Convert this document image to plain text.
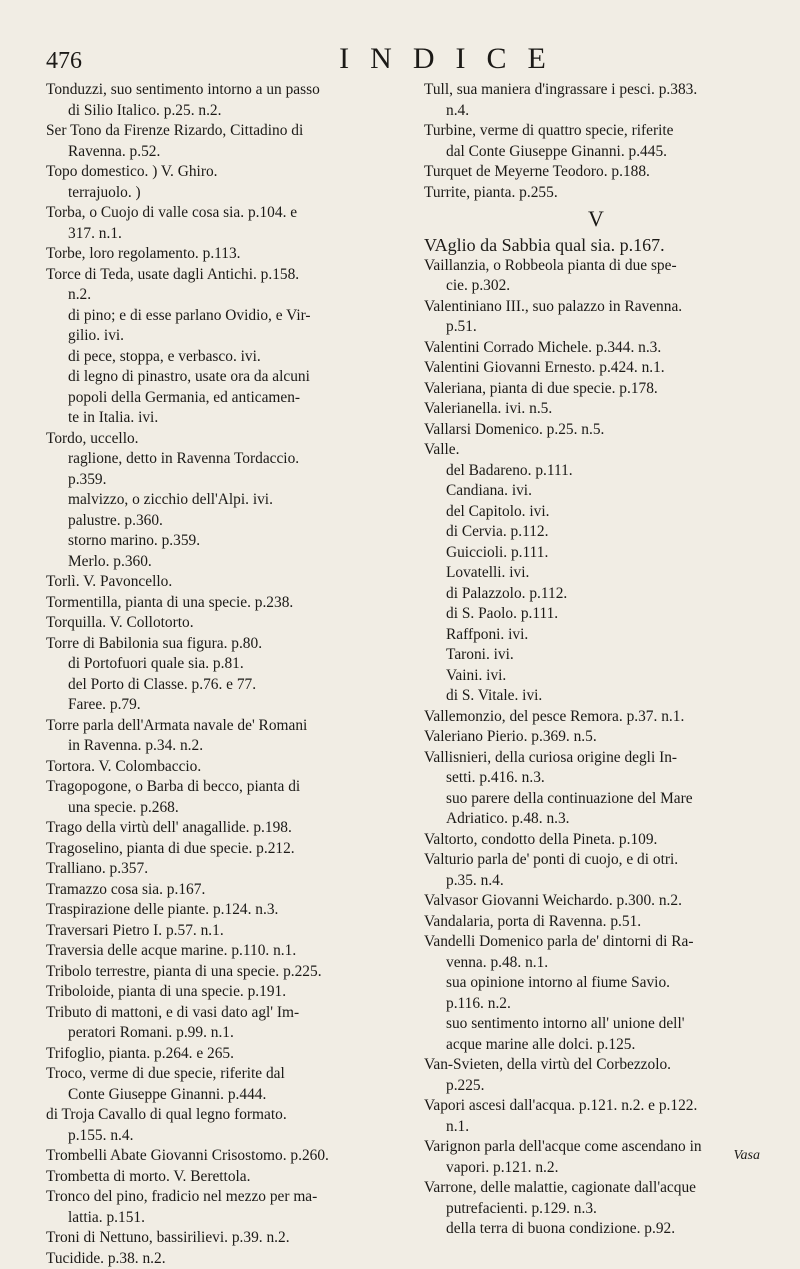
476	INDICE
Tonduzzi, suo sentimento intorno a un passo
di Silio Italico. p.25. n.2.
Ser Tono da Firenze Rizardo, Cittadino di
Ravenna. p.52.
Topo domestico. ) V. Ghiro.
terrajuolo. )
Torba, o Cuojo di valle cosa sia. p.104. e
317. n.1.
Torbe, loro regolamento. p.113.
Torce di Teda, usate dagli Antichi. p.158.
n.2.
di pino; e di esse parlano Ovidio, e Vir-
gilio. ivi.
di pece, stoppa, e verbasco. ivi.
di legno di pinastro, usate ora da alcuni
popoli della Germania, ed anticamen-
te in Italia. ivi.
Tordo, uccello.
raglione, detto in Ravenna Tordaccio.
p.359.
malvizzo, o zicchio dell'Alpi. ivi.
palustre. p.360.
storno marino. p.359.
Merlo. p.360.
Torlì. V. Pavoncello.
Tormentilla, pianta di una specie. p.238.
Torquilla. V. Collotorto.
Torre di Babilonia sua figura. p.80.
di Portofuori quale sia. p.81.
del Porto di Classe. p.76. e 77.
Faree. p.79.
Torre parla dell'Armata navale de' Romani
in Ravenna. p.34. n.2.
Tortora. V. Colombaccio.
Tragopogone, o Barba di becco, pianta di
una specie. p.268.
Trago della virtù dell' anagallide. p.198.
Tragoselino, pianta di due specie. p.212.
Tralliano. p.357.
Tramazzo cosa sia. p.167.
Traspirazione delle piante. p.124. n.3.
Traversari Pietro I. p.57. n.1.
Traversia delle acque marine. p.110. n.1.
Tribolo terrestre, pianta di una specie. p.225.
Triboloide, pianta di una specie. p.191.
Tributo di mattoni, e di vasi dato agl' Im-
peratori Romani. p.99. n.1.
Trifoglio, pianta. p.264. e 265.
Troco, verme di due specie, riferite dal
Conte Giuseppe Ginanni. p.444.
di Troja Cavallo di qual legno formato.
p.155. n.4.
Trombelli Abate Giovanni Crisostomo. p.260.
Trombetta di morto. V. Berettola.
Tronco del pino, fradicio nel mezzo per ma-
lattia. p.151.
Troni di Nettuno, bassirilievi. p.39. n.2.
Tucidide. p.38. n.2.
Tull, sua maniera d'ingrassare i pesci. p.383.
n.4.
Turbine, verme di quattro specie, riferite
dal Conte Giuseppe Ginanni. p.445.
Turquet de Meyerne Teodoro. p.188.
Turrite, pianta. p.255.
V
VAglio da Sabbia qual sia. p.167.
Vaillanzia, o Robbeola pianta di due spe-
cie. p.302.
Valentiniano III., suo palazzo in Ravenna.
p.51.
Valentini Corrado Michele. p.344. n.3.
Valentini Giovanni Ernesto. p.424. n.1.
Valeriana, pianta di due specie. p.178.
Valerianella. ivi. n.5.
Vallarsi Domenico. p.25. n.5.
Valle.
del Badareno. p.111.
Candiana. ivi.
del Capitolo. ivi.
di Cervia. p.112.
Guiccioli. p.111.
Lovatelli. ivi.
di Palazzolo. p.112.
di S. Paolo. p.111.
Raffponi. ivi.
Taroni. ivi.
Vaini. ivi.
di S. Vitale. ivi.
Vallemonzio, del pesce Remora. p.37. n.1.
Valeriano Pierio. p.369. n.5.
Vallisnieri, della curiosa origine degli In-
setti. p.416. n.3.
suo parere della continuazione del Mare
Adriatico. p.48. n.3.
Valtorto, condotto della Pineta. p.109.
Valturio parla de' ponti di cuojo, e di otri.
p.35. n.4.
Valvasor Giovanni Weichardo. p.300. n.2.
Vandalaria, porta di Ravenna. p.51.
Vandelli Domenico parla de' dintorni di Ra-
venna. p.48. n.1.
sua opinione intorno al fiume Savio.
p.116. n.2.
suo sentimento intorno all' unione dell'
acque marine alle dolci. p.125.
Van-Svieten, della virtù del Corbezzolo.
p.225.
Vapori ascesi dall'acqua. p.121. n.2. e p.122.
n.1.
Varignon parla dell'acque come ascendano in
vapori. p.121. n.2.
Varrone, delle malattie, cagionate dall'acque
putrefacienti. p.129. n.3.
della terra di buona condizione. p.92.
Vasa
